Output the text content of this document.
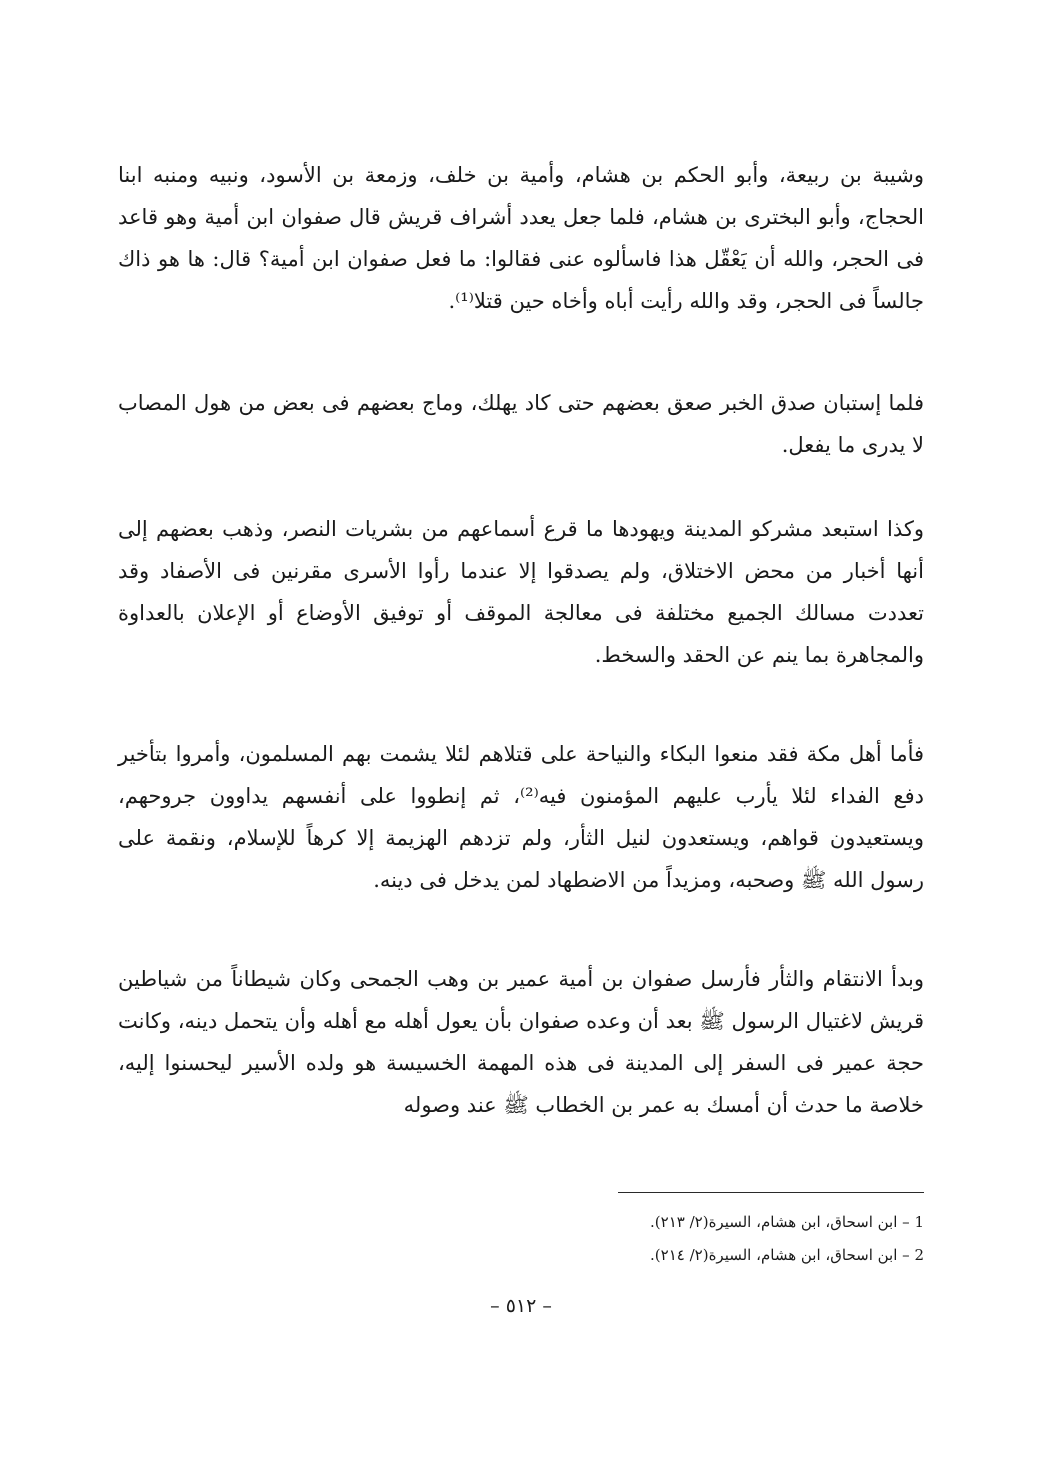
وشيبة بن ربيعة، وأبو الحكم بن هشام، وأمية بن خلف، وزمعة بن الأسود، ونبيه ومنبه ابنا الحجاج، وأبو البخترى بن هشام، فلما جعل يعدد أشراف قريش قال صفوان ابن أمية وهو قاعد فى الحجر، والله أن يَعْقّل هذا فاسألوه عنى فقالوا: ما فعل صفوان ابن أمية؟ قال: ها هو ذاك جالساً فى الحجر، وقد والله رأيت أباه وأخاه حين قتلا⁽¹⁾.

فلما إستبان صدق الخبر صعق بعضهم حتى كاد يهلك، وماج بعضهم فى بعض من هول المصاب لا يدرى ما يفعل.

وكذا استبعد مشركو المدينة ويهودها ما قرع أسماعهم من بشريات النصر، وذهب بعضهم إلى أنها أخبار من محض الاختلاق، ولم يصدقوا إلا عندما رأوا الأسرى مقرنين فى الأصفاد وقد تعددت مسالك الجميع مختلفة فى معالجة الموقف أو توفيق الأوضاع أو الإعلان بالعداوة والمجاهرة بما ينم عن الحقد والسخط.

فأما أهل مكة فقد منعوا البكاء والنياحة على قتلاهم لئلا يشمت بهم المسلمون، وأمروا بتأخير دفع الفداء لئلا يأرب عليهم المؤمنون فيه⁽²⁾، ثم إنطووا على أنفسهم يداوون جروحهم، ويستعيدون قواهم، ويستعدون لنيل الثأر، ولم تزدهم الهزيمة إلا كرهاً للإسلام، ونقمة على رسول الله ﷺ وصحبه، ومزيداً من الاضطهاد لمن يدخل فى دينه.

وبدأ الانتقام والثأر فأرسل صفوان بن أمية عمير بن وهب الجمحى وكان شيطاناً من شياطين قريش لاغتيال الرسول ﷺ بعد أن وعده صفوان بأن يعول أهله مع أهله وأن يتحمل دينه، وكانت حجة عمير فى السفر إلى المدينة فى هذه المهمة الخسيسة هو ولده الأسير ليحسنوا إليه، خلاصة ما حدث أن أمسك به عمر بن الخطاب ﷺ عند وصوله

1 – ابن اسحاق، ابن هشام، السيرة(٢/ ٢١٣).

2 – ابن اسحاق، ابن هشام، السيرة(٢/ ٢١٤).

– ٥١٢ –
